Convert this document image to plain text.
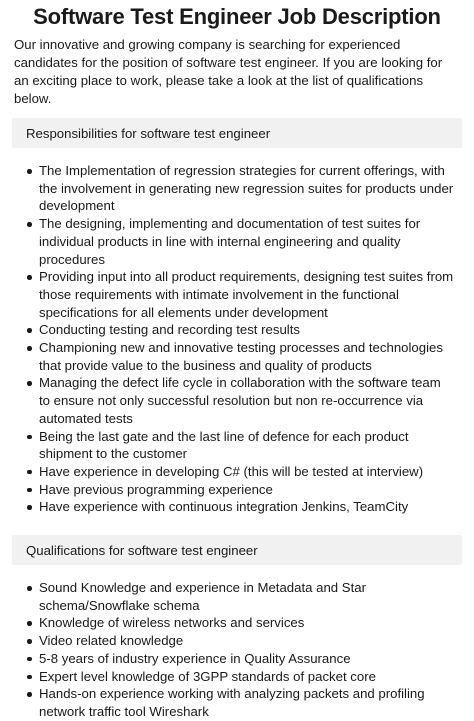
Software Test Engineer Job Description

Our innovative and growing company is searching for experienced candidates for the position of software test engineer. If you are looking for an exciting place to work, please take a look at the list of qualifications below.

Responsibilities for software test engineer
The Implementation of regression strategies for current offerings, with the involvement in generating new regression suites for products under development
The designing, implementing and documentation of test suites for individual products in line with internal engineering and quality procedures
Providing input into all product requirements, designing test suites from those requirements with intimate involvement in the functional specifications for all elements under development
Conducting testing and recording test results
Championing new and innovative testing processes and technologies that provide value to the business and quality of products
Managing the defect life cycle in collaboration with the software team to ensure not only successful resolution but non re-occurrence via automated tests
Being the last gate and the last line of defence for each product shipment to the customer
Have experience in developing C# (this will be tested at interview)
Have previous programming experience
Have experience with continuous integration Jenkins, TeamCity
Qualifications for software test engineer
Sound Knowledge and experience in Metadata and Star schema/Snowflake schema
Knowledge of wireless networks and services
Video related knowledge
5-8 years of industry experience in Quality Assurance
Expert level knowledge of 3GPP standards of packet core
Hands-on experience working with analyzing packets and profiling network traffic tool Wireshark
